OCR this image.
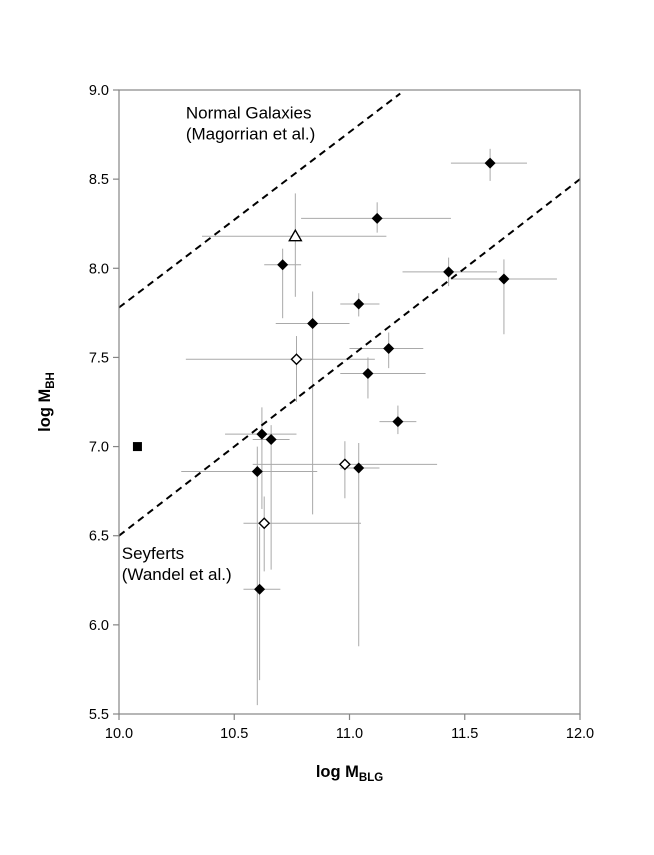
10.0	10.5	11.0	11.5	12.0
9.0
8.5
8.0
7.5
7.0
6.5
6.0
5.5
Normal Galaxies (Magorrian et al.)
Seyferts (Wandel et al.)
$\log M_{BLG}$
$\log M_{BH}$
